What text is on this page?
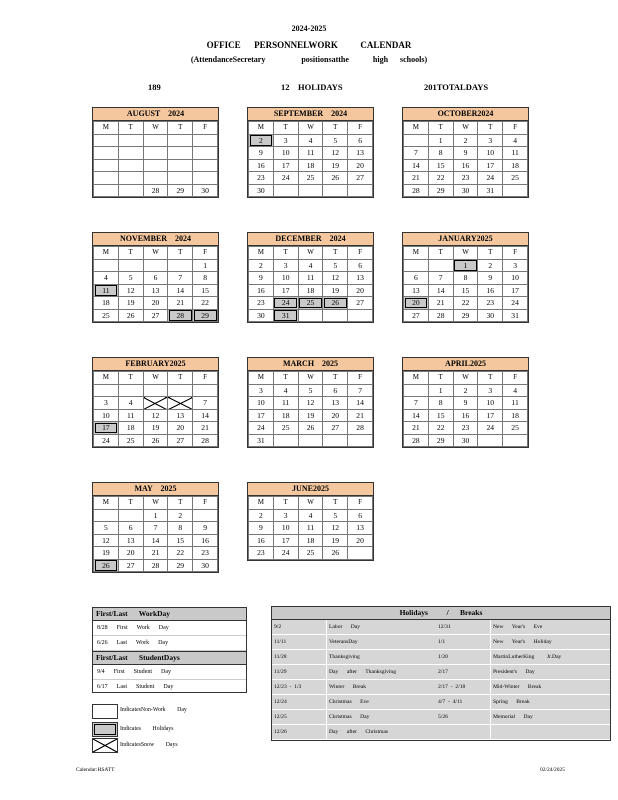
2024-2025
OFFICE      PERSONNELWORK          CALENDAR
(AttendanceSecretary                  positionsatthe            high      schools)
189	12    HOLIDAYS	201TOTALDAYS
AUGUST    2024
M	T	W	T	F

		28	29	30
SEPTEMBER    2024
M	T	W	T	F
2	3	4	5	6
9	10	11	12	13
16	17	18	19	20
23	24	25	26	27
30				
OCTOBER2024
M	T	W	T	F
	1	2	3	4
7	8	9	10	11
14	15	16	17	18
21	22	23	24	25
28	29	30	31	
NOVEMBER    2024
M	T	W	T	F
				1
4	5	6	7	8
11	12	13	14	15
18	19	20	21	22
25	26	27	28	29
DECEMBER    2024
M	T	W	T	F
2	3	4	5	6
9	10	11	12	13
16	17	18	19	20
23	24	25	26	27
30	31			
JANUARY2025
M	T	W	T	F
		1	2	3
6	7	8	9	10
13	14	15	16	17
20	21	22	23	24
27	28	29	30	31
FEBRUARY2025
M	T	W	T	F

3	4			7
10	11	12	13	14
17	18	19	20	21
24	25	26	27	28
MARCH    2025
M	T	W	T	F
3	4	5	6	7
10	11	12	13	14
17	18	19	20	21
24	25	26	27	28
31				
APRIL2025
M	T	W	T	F
	1	2	3	4
7	8	9	10	11
14	15	16	17	18
21	22	23	24	25
28	29	30		
MAY    2025
M	T	W	T	F
		1	2	
5	6	7	8	9
12	13	14	15	16
19	20	21	22	23
26	27	28	29	30
JUNE2025
M	T	W	T	F
2	3	4	5	6
9	10	11	12	13
16	17	18	19	20
23	24	25	26	
First/Last      WorkDay
8/28      First      Work      Day
6/26      Last      Work      Day
First/Last      StudentDays
9/4      First      Student      Day
6/17      Last      Student      Day
Holidays          /      Breaks
9/2	Labor      Day	12/31	New      Year's      Eve
11/11	VeteransDay	1/1	New      Year's      Holiday
11/28	Thanksgiving	1/20	MartinLutherKing         Jr.Day
11/29	Day      after      Thanksgiving	2/17	President's      Day
12/23  -  1/3	Winter      Break	2/17  -  2/18	Mid-Winter      Break
12/24	Christmas      Eve	4/7  -  4/11	Spring      Break
12/25	Christmas      Day	5/26	Memorial      Day
12/26	Day      after      Christmas		
IndicatesNon-Work        Day
Indicates        Holidays
IndicatesSnow        Days
Calendar:HSATT	02/24/2025
